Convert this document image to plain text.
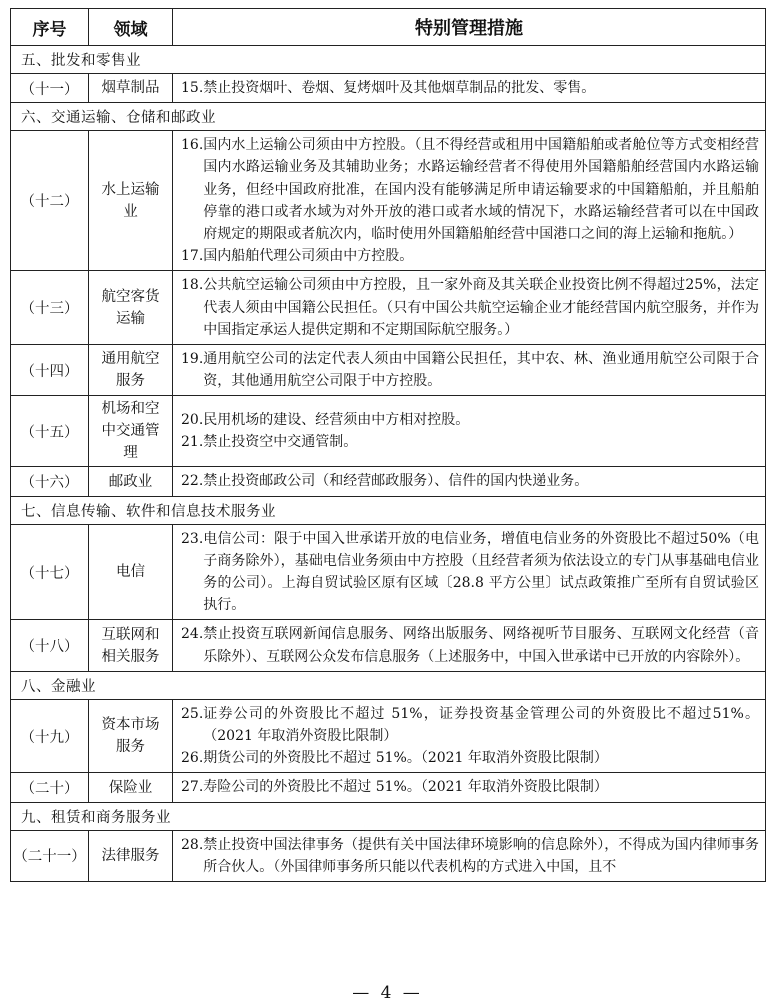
序号	领域	特别管理措施
五、批发和零售业		
（十一）	烟草制品	15. 禁止投资烟叶、卷烟、复烤烟叶及其他烟草制品的批发、零售。

六、交通运输、仓储和邮政业		
（十二）	水上运输业	16. 国内水上运输公司须由中方控股。（且不得经营或租用中国籍船舶或者舱位等方式变相经营国内水路运输业务及其辅助业务；水路运输经营者不得使用外国籍船舶经营国内水路运输业务，但经中国政府批准，在国内没有能够满足所申请运输要求的中国籍船舶，并且船舶停靠的港口或者水域为对外开放的港口或者水域的情况下，水路运输经营者可以在中国政府规定的期限或者航次内，临时使用外国籍船舶经营中国港口之间的海上运输和拖航。）
17. 国内船舶代理公司须由中方控股。

（十三）	航空客货运输	18. 公共航空运输公司须由中方控股，且一家外商及其关联企业投资比例不得超过25%，法定代表人须由中国籍公民担任。（只有中国公共航空运输企业才能经营国内航空服务，并作为中国指定承运人提供定期和不定期国际航空服务。）

（十四）	通用航空服务	19. 通用航空公司的法定代表人须由中国籍公民担任，其中农、林、渔业通用航空公司限于合资，其他通用航空公司限于中方控股。

（十五）	机场和空中交通管理	20. 民用机场的建设、经营须由中方相对控股。
21. 禁止投资空中交通管制。

（十六）	邮政业	22. 禁止投资邮政公司（和经营邮政服务）、信件的国内快递业务。

七、信息传输、软件和信息技术服务业		
（十七）	电信	23. 电信公司：限于中国入世承诺开放的电信业务，增值电信业务的外资股比不超过50%（电子商务除外），基础电信业务须由中方控股（且经营者须为依法设立的专门从事基础电信业务的公司）。上海自贸试验区原有区域〔28.8 平方公里〕试点政策推广至所有自贸试验区执行。

（十八）	互联网和相关服务	24. 禁止投资互联网新闻信息服务、网络出版服务、网络视听节目服务、互联网文化经营（音乐除外）、互联网公众发布信息服务（上述服务中，中国入世承诺中已开放的内容除外）。

八、金融业		
（十九）	资本市场服务	25. 证券公司的外资股比不超过 51%，证券投资基金管理公司的外资股比不超过51%。（2021 年取消外资股比限制）
26. 期货公司的外资股比不超过 51%。（2021 年取消外资股比限制）

（二十）	保险业	27. 寿险公司的外资股比不超过 51%。（2021 年取消外资股比限制）

九、租赁和商务服务业		
（二十一）	法律服务	28. 禁止投资中国法律事务（提供有关中国法律环境影响的信息除外），不得成为国内律师事务所合伙人。（外国律师事务所只能以代表机构的方式进入中国，且不
— 4 —
